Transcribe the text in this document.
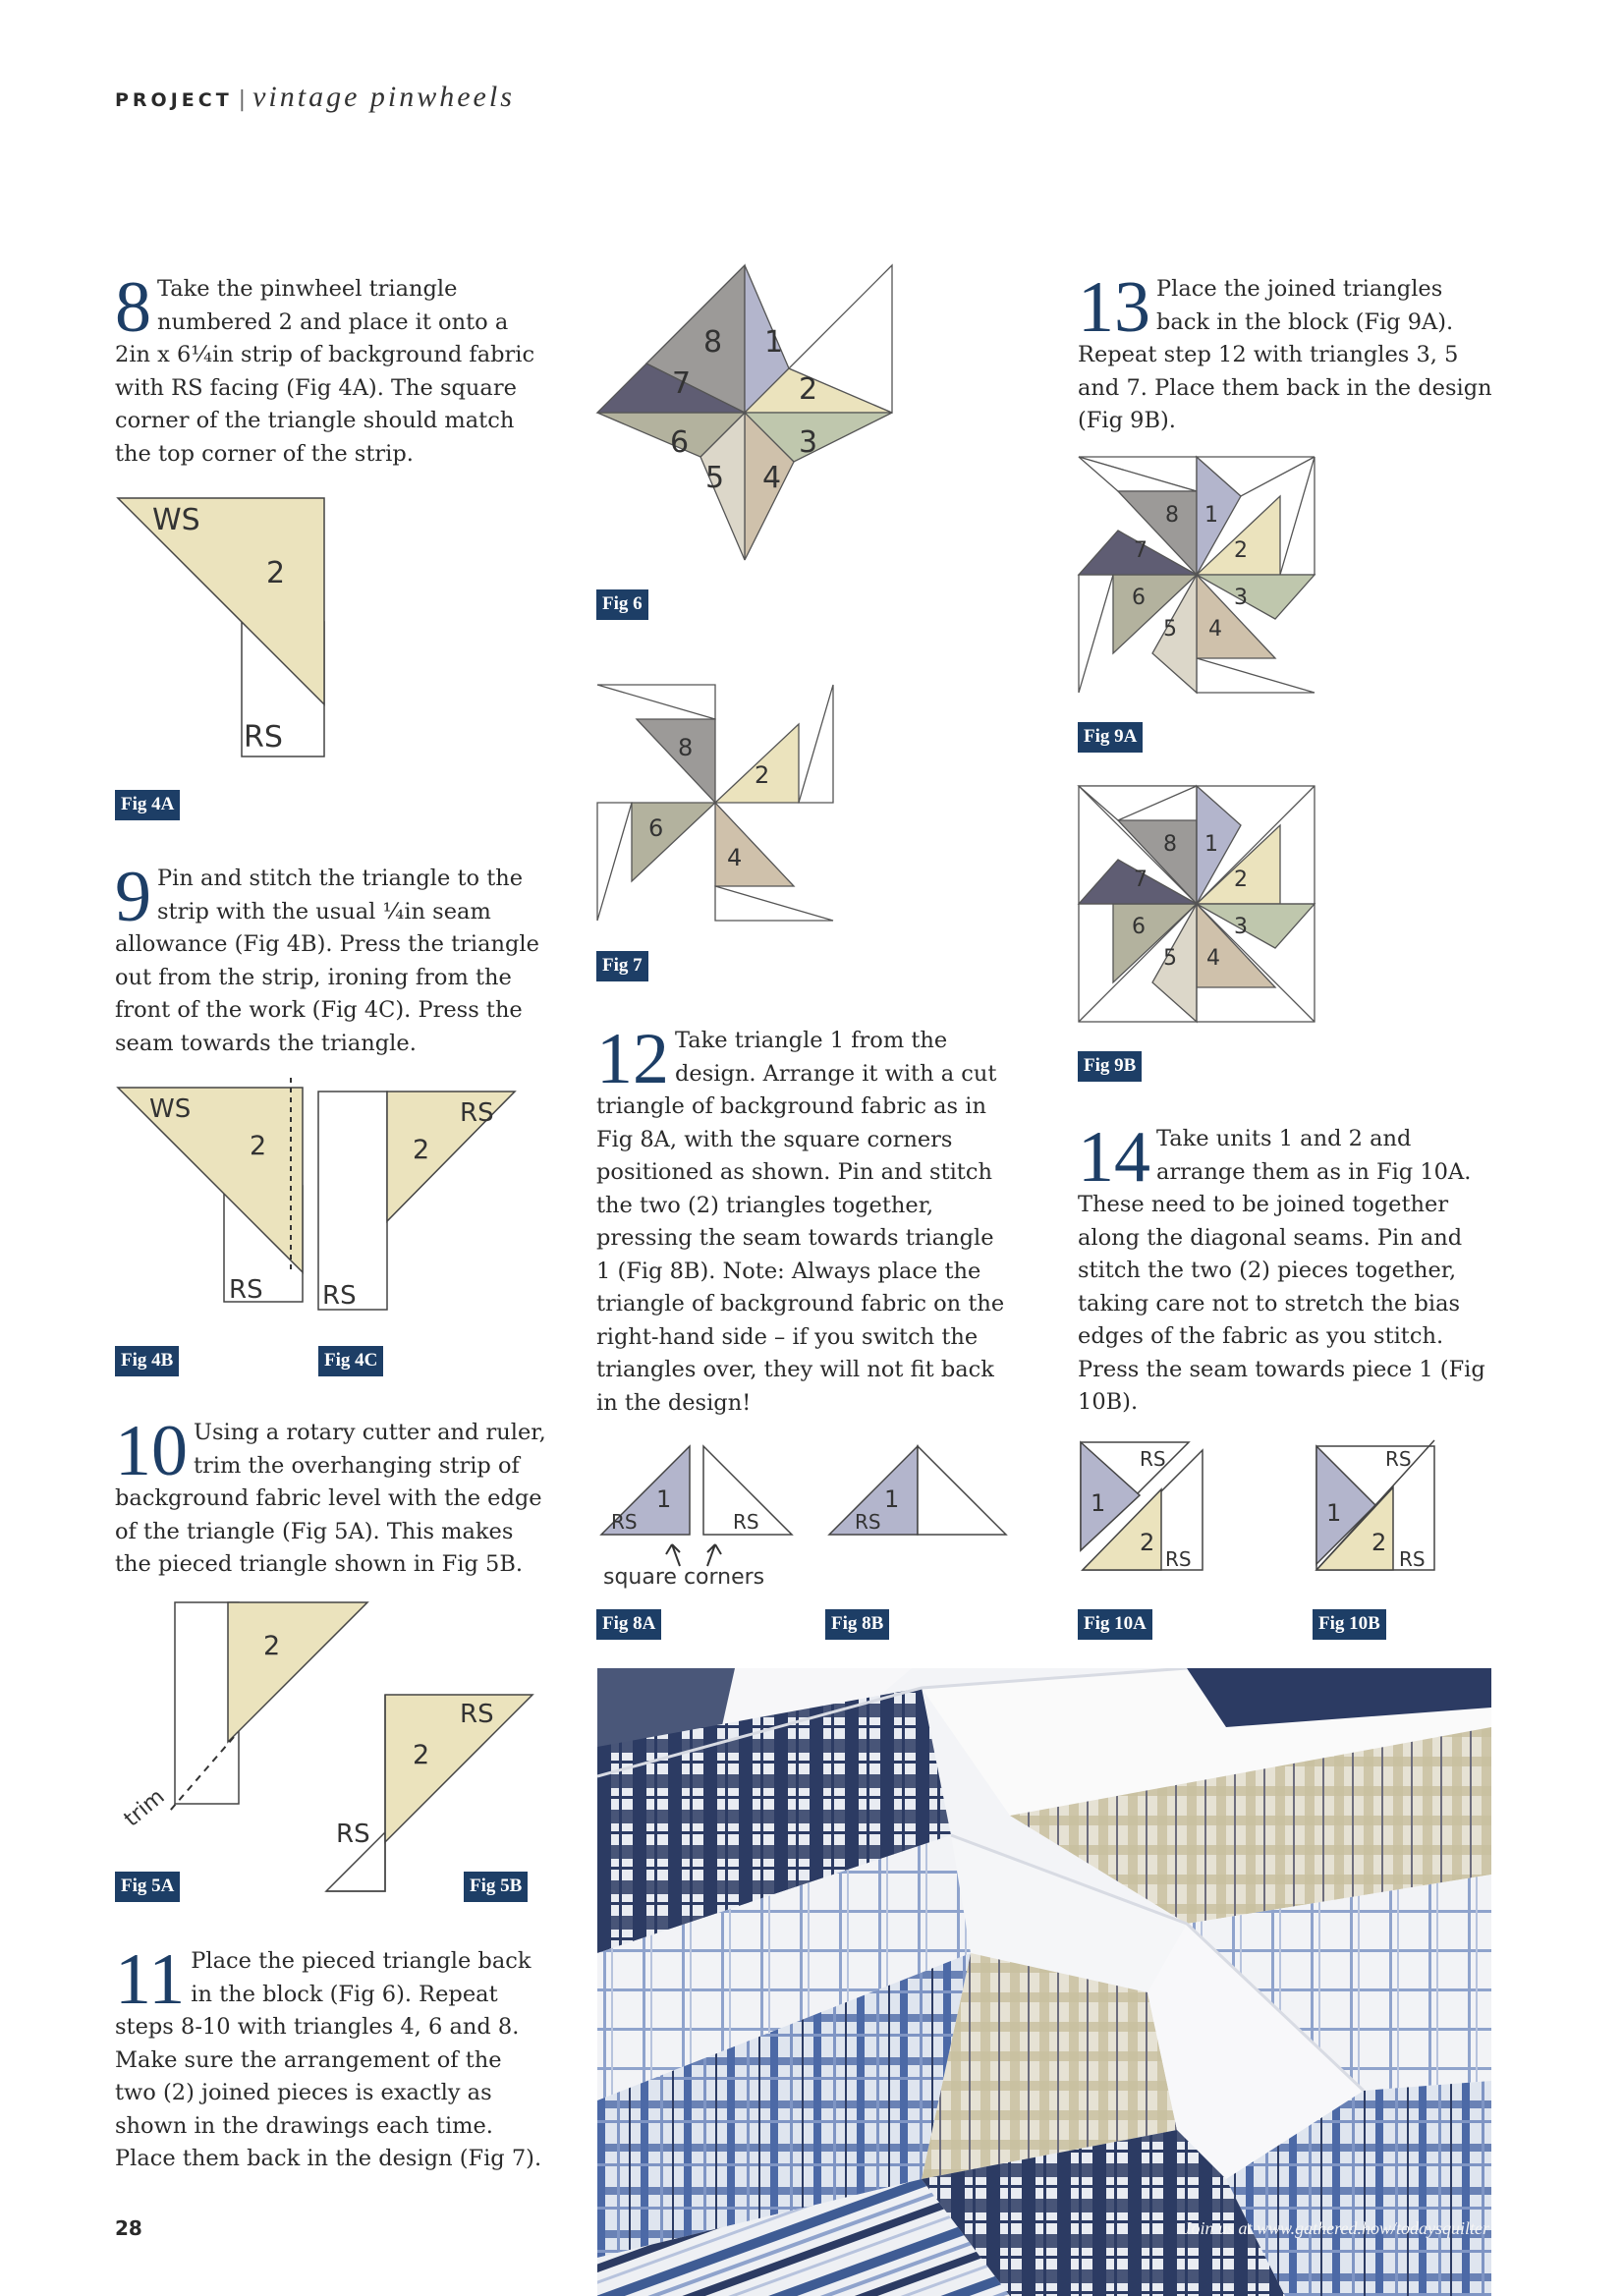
PROJECT | vintage pinwheels
8 Take the pinwheel triangle numbered 2 and place it onto a 2in x 6¼in strip of background fabric with RS facing (Fig 4A). The square corner of the triangle should match the top corner of the strip.
WS
2
RS
Fig 4A
9 Pin and stitch the triangle to the strip with the usual ¼in seam allowance (Fig 4B). Press the triangle out from the strip, ironing from the front of the work (Fig 4C). Press the seam towards the triangle.
WS
2
RS
RS
2
RS
Fig 4B	Fig 4C
10 Using a rotary cutter and ruler, trim the overhanging strip of background fabric level with the edge of the triangle (Fig 5A). This makes the pieced triangle shown in Fig 5B.
2
trim
RS
2
RS
Fig 5A	Fig 5B
11 Place the pieced triangle back in the block (Fig 6). Repeat steps 8-10 with triangles 4, 6 and 8. Make sure the arrangement of the two (2) joined pieces is exactly as shown in the drawings each time. Place them back in the design (Fig 7).
28
8 1
7	2
6	3
5 4
Fig 6
8
2
6
4
Fig 7
12 Take triangle 1 from the design. Arrange it with a cut triangle of background fabric as in Fig 8A, with the square corners positioned as shown. Pin and stitch the two (2) triangles together, pressing the seam towards triangle 1 (Fig 8B). Note: Always place the triangle of background fabric on the right-hand side – if you switch the triangles over, they will not fit back in the design!
1
RS	RS
square corners
1
RS
Fig 8A	Fig 8B
Join us at www.gathered.how/todaysquilter
13 Place the joined triangles back in the block (Fig 9A). Repeat step 12 with triangles 3, 5 and 7. Place them back in the design (Fig 9B).
8 1
7	2
6	3
5 4
Fig 9A
8 1
7	2
6	3
5 4
Fig 9B
14 Take units 1 and 2 and arrange them as in Fig 10A. These need to be joined together along the diagonal seams. Pin and stitch the two (2) pieces together, taking care not to stretch the bias edges of the fabric as you stitch. Press the seam towards piece 1 (Fig 10B).
RS
1
2
RS
RS
1
2
RS
Fig 10A	Fig 10B
